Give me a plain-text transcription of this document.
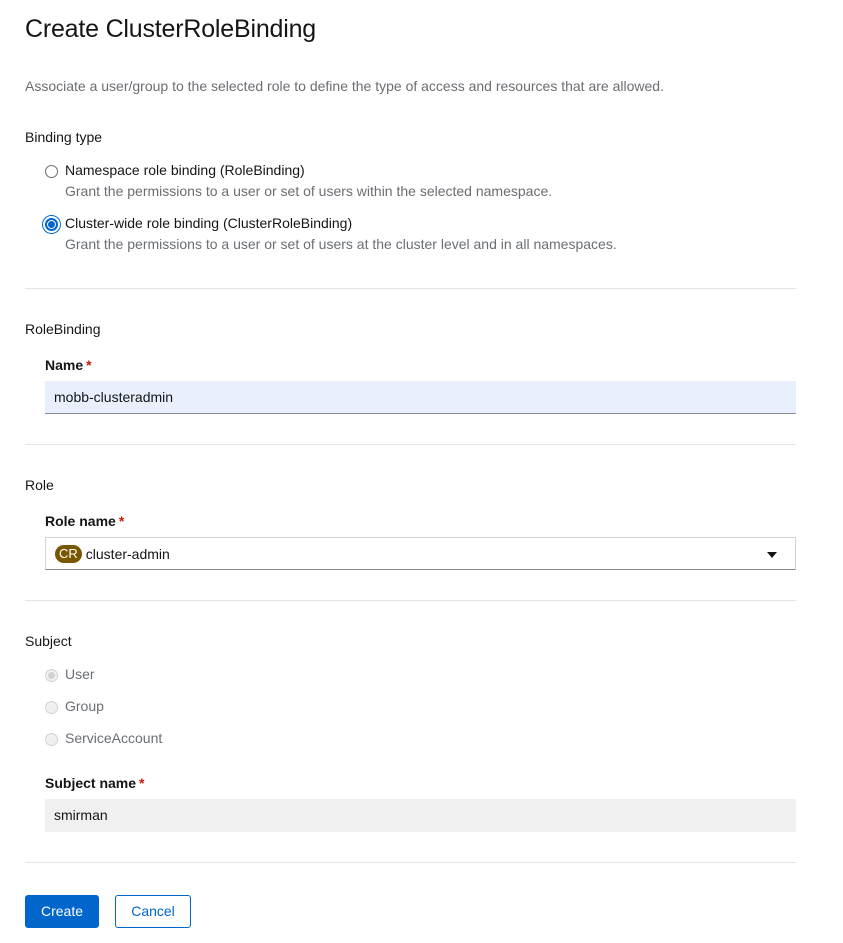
Create ClusterRoleBinding
Associate a user/group to the selected role to define the type of access and resources that are allowed.
Binding type
Namespace role binding (RoleBinding)
Grant the permissions to a user or set of users within the selected namespace.
Cluster-wide role binding (ClusterRoleBinding)
Grant the permissions to a user or set of users at the cluster level and in all namespaces.
RoleBinding
Name *
mobb-clusteradmin
Role
Role name *
CR cluster-admin
Subject
User
Group
ServiceAccount
Subject name *
smirman
Create	Cancel
